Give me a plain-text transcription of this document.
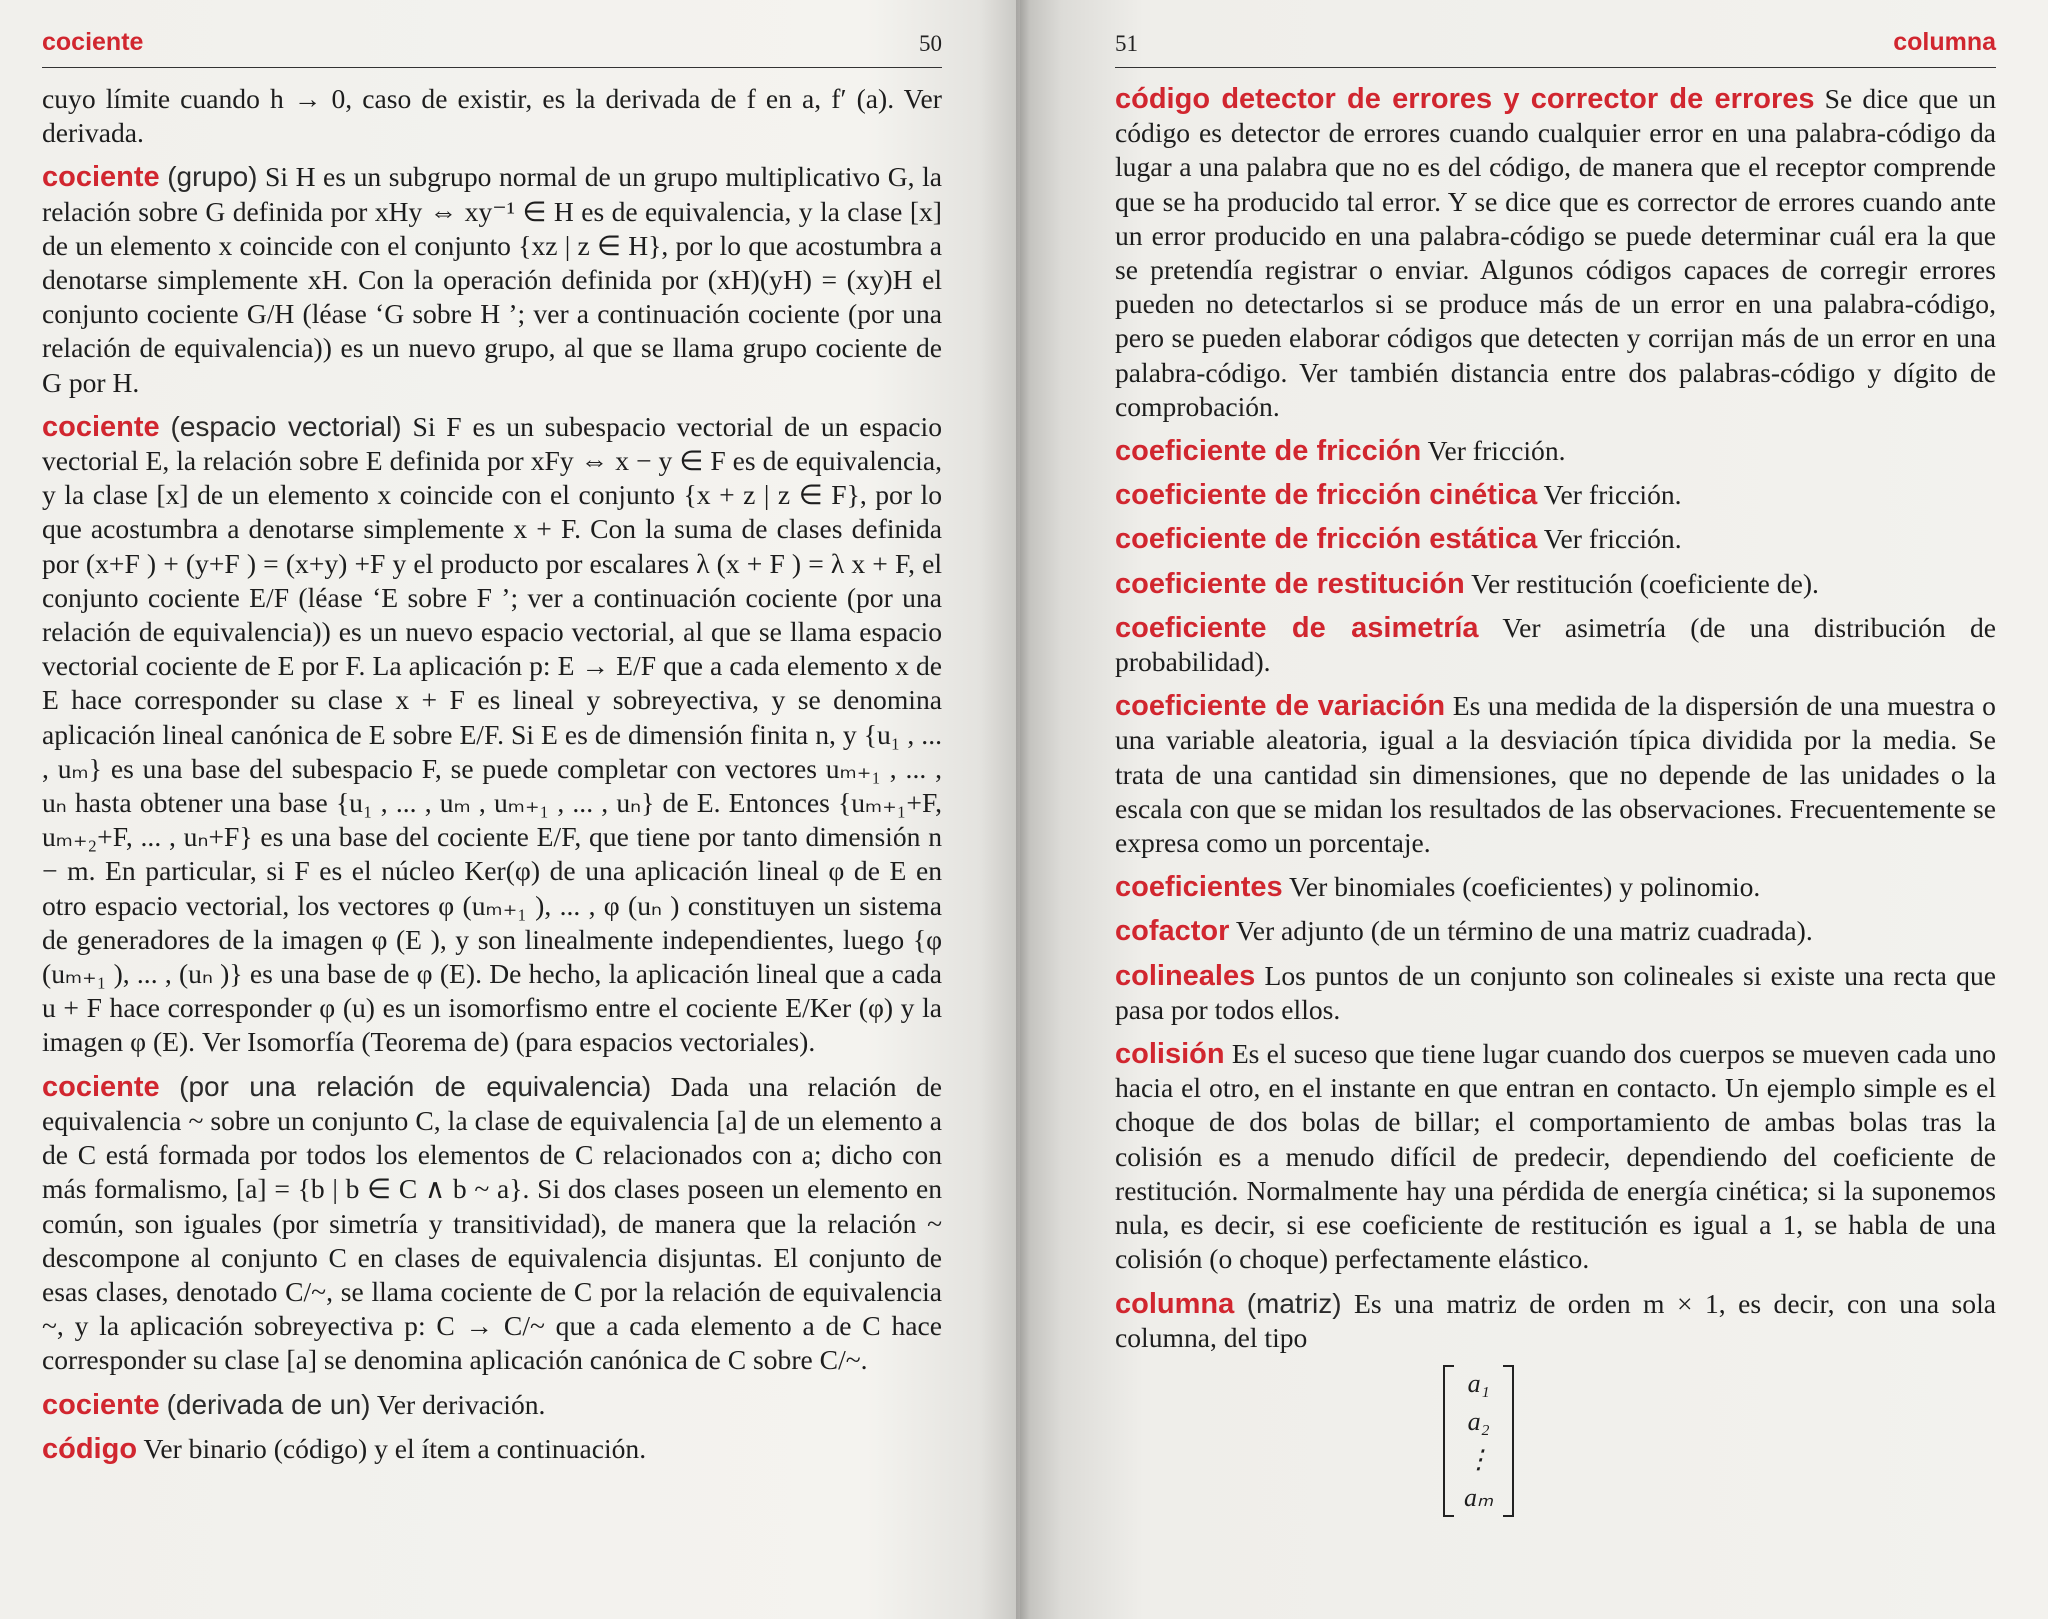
cociente	50

cuyo límite cuando h → 0, caso de existir, es la derivada de f en a, f′ (a). Ver derivada.

cociente (grupo) Si H es un subgrupo normal de un grupo multiplicativo G, la relación sobre G definida por xHy ⇔ xy⁻¹ ∈ H es de equivalencia, y la clase [x] de un elemento x coincide con el conjunto {xz | z ∈ H}, por lo que acostumbra a denotarse simplemente xH. Con la operación definida por (xH)(yH) = (xy)H el conjunto cociente G/H (léase ‘G sobre H ’; ver a continuación cociente (por una relación de equivalencia)) es un nuevo grupo, al que se llama grupo cociente de G por H.

cociente (espacio vectorial) Si F es un subespacio vectorial de un espacio vectorial E, la relación sobre E definida por xFy ⇔ x − y ∈ F es de equivalencia, y la clase [x] de un elemento x coincide con el conjunto {x + z | z ∈ F}, por lo que acostumbra a denotarse simplemente x + F. Con la suma de clases definida por (x+F ) + (y+F ) = (x+y) +F y el producto por escalares λ (x + F ) = λ x + F, el conjunto cociente E/F (léase ‘E sobre F ’; ver a continuación cociente (por una relación de equivalencia)) es un nuevo espacio vectorial, al que se llama espacio vectorial cociente de E por F. La aplicación p: E → E/F que a cada elemento x de E hace corresponder su clase x + F es lineal y sobreyectiva, y se denomina aplicación lineal canónica de E sobre E/F. Si E es de dimensión finita n, y {u₁ , ... , uₘ} es una base del subespacio F, se puede completar con vectores uₘ₊₁ , ... , uₙ hasta obtener una base {u₁ , ... , uₘ , uₘ₊₁ , ... , uₙ} de E. Entonces {uₘ₊₁+F, uₘ₊₂+F, ... , uₙ+F} es una base del cociente E/F, que tiene por tanto dimensión n − m. En particular, si F es el núcleo Ker(φ) de una aplicación lineal φ de E en otro espacio vectorial, los vectores φ (uₘ₊₁ ), ... , φ (uₙ ) constituyen un sistema de generadores de la imagen φ (E ), y son linealmente independientes, luego {φ (uₘ₊₁ ), ... , (uₙ )} es una base de φ (E). De hecho, la aplicación lineal que a cada u + F hace corresponder φ (u) es un isomorfismo entre el cociente E/Ker (φ) y la imagen φ (E). Ver Isomorfía (Teorema de) (para espacios vectoriales).

cociente (por una relación de equivalencia) Dada una relación de equivalencia ~ sobre un conjunto C, la clase de equivalencia [a] de un elemento a de C está formada por todos los elementos de C relacionados con a; dicho con más formalismo, [a] = {b | b ∈ C ∧ b ~ a}. Si dos clases poseen un elemento en común, son iguales (por simetría y transitividad), de manera que la relación ~ descompone al conjunto C en clases de equivalencia disjuntas. El conjunto de esas clases, denotado C/~, se llama cociente de C por la relación de equivalencia ~, y la aplicación sobreyectiva p: C → C/~ que a cada elemento a de C hace corresponder su clase [a] se denomina aplicación canónica de C sobre C/~.

cociente (derivada de un) Ver derivación.

código Ver binario (código) y el ítem a continuación.

51	columna

código detector de errores y corrector de errores Se dice que un código es detector de errores cuando cualquier error en una palabra-código da lugar a una palabra que no es del código, de manera que el receptor comprende que se ha producido tal error. Y se dice que es corrector de errores cuando ante un error producido en una palabra-código se puede determinar cuál era la que se pretendía registrar o enviar. Algunos códigos capaces de corregir errores pueden no detectarlos si se produce más de un error en una palabra-código, pero se pueden elaborar códigos que detecten y corrijan más de un error en una palabra-código. Ver también distancia entre dos palabras-código y dígito de comprobación.

coeficiente de fricción Ver fricción.

coeficiente de fricción cinética Ver fricción.

coeficiente de fricción estática Ver fricción.

coeficiente de restitución Ver restitución (coeficiente de).

coeficiente de asimetría Ver asimetría (de una distribución de probabilidad).

coeficiente de variación Es una medida de la dispersión de una muestra o una variable aleatoria, igual a la desviación típica dividida por la media. Se trata de una cantidad sin dimensiones, que no depende de las unidades o la escala con que se midan los resultados de las observaciones. Frecuentemente se expresa como un porcentaje.

coeficientes Ver binomiales (coeficientes) y polinomio.

cofactor Ver adjunto (de un término de una matriz cuadrada).

colineales Los puntos de un conjunto son colineales si existe una recta que pasa por todos ellos.

colisión Es el suceso que tiene lugar cuando dos cuerpos se mueven cada uno hacia el otro, en el instante en que entran en contacto. Un ejemplo simple es el choque de dos bolas de billar; el comportamiento de ambas bolas tras la colisión es a menudo difícil de predecir, dependiendo del coeficiente de restitución. Normalmente hay una pérdida de energía cinética; si la suponemos nula, es decir, si ese coeficiente de restitución es igual a 1, se habla de una colisión (o choque) perfectamente elástico.

columna (matriz) Es una matriz de orden m × 1, es decir, con una sola columna, del tipo

a₁
a₂
⋮
aₘ
